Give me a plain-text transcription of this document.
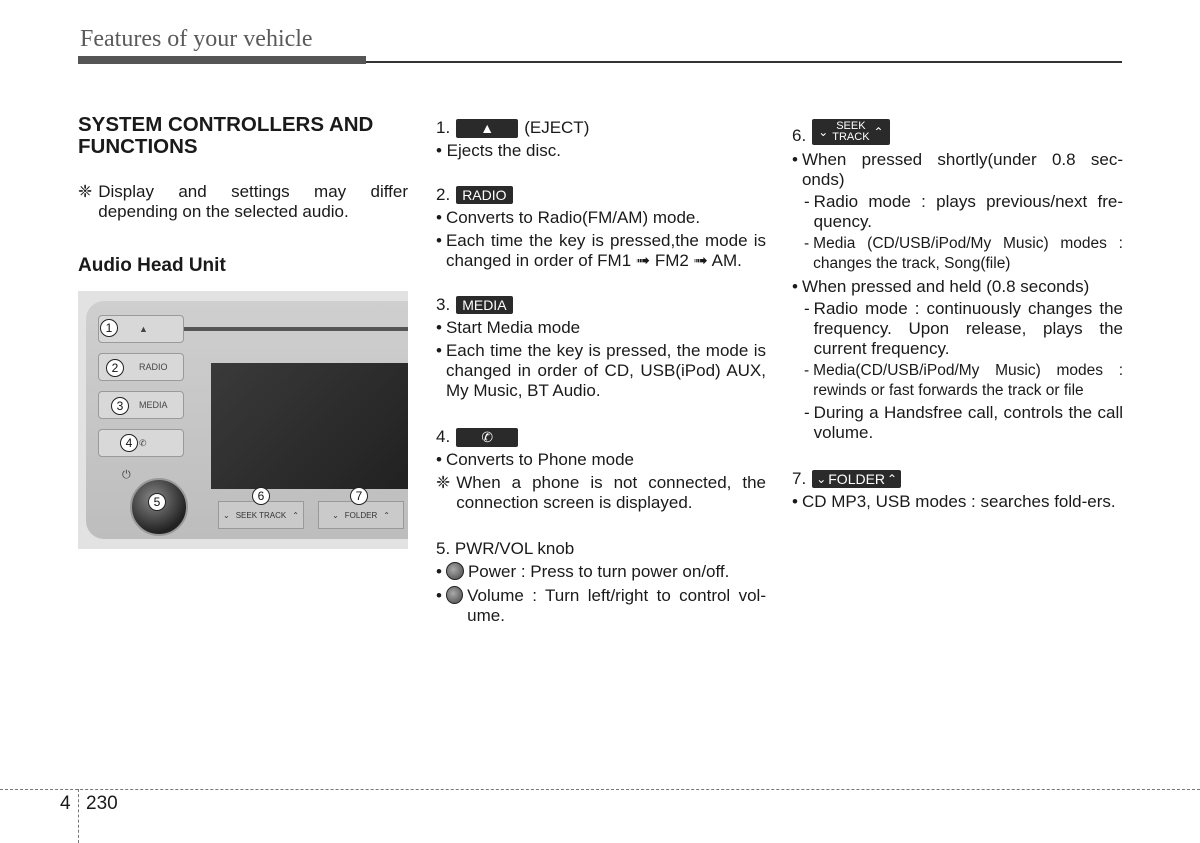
Features of your vehicle
SYSTEM CONTROLLERS AND FUNCTIONS
❈ Display and settings may differ depending on the selected audio.
Audio Head Unit
▲
RADIO
MEDIA
✆
⏻
⌄ SEEK TRACK ⌃	⌄ FOLDER ⌃
1
2
3
4
5	6	7
1.	▲	(EJECT)
• Ejects the disc.
2. RADIO
• Converts to Radio(FM/AM) mode.
• Each time the key is pressed,the mode is changed in order of FM1 ➟ FM2 ➟ AM.
3. MEDIA
• Start Media mode
• Each time the key is pressed, the mode is changed in order of CD, USB(iPod) AUX, My Music, BT Audio.
4.	✆
• Converts to Phone mode
❈ When a phone is not connected, the connection screen is displayed.
5. PWR/VOL knob
• Power : Press to turn power on/off.
• Volume : Turn left/right to control vol-ume.
6. ⌄ SEEK
TRACK ⌃
• When pressed shortly(under 0.8 sec-onds)
- Radio mode : plays previous/next fre-quency.
- Media (CD/USB/iPod/My Music) modes : changes the track, Song(file)
• When pressed and held (0.8 seconds)
- Radio mode : continuously changes the frequency. Upon release, plays the current frequency.
- Media(CD/USB/iPod/My Music) modes : rewinds or fast forwards the track or file
- During a Handsfree call, controls the call volume.
7. ⌄ FOLDER ⌃
• CD MP3, USB modes : searches fold-ers.
4 230
